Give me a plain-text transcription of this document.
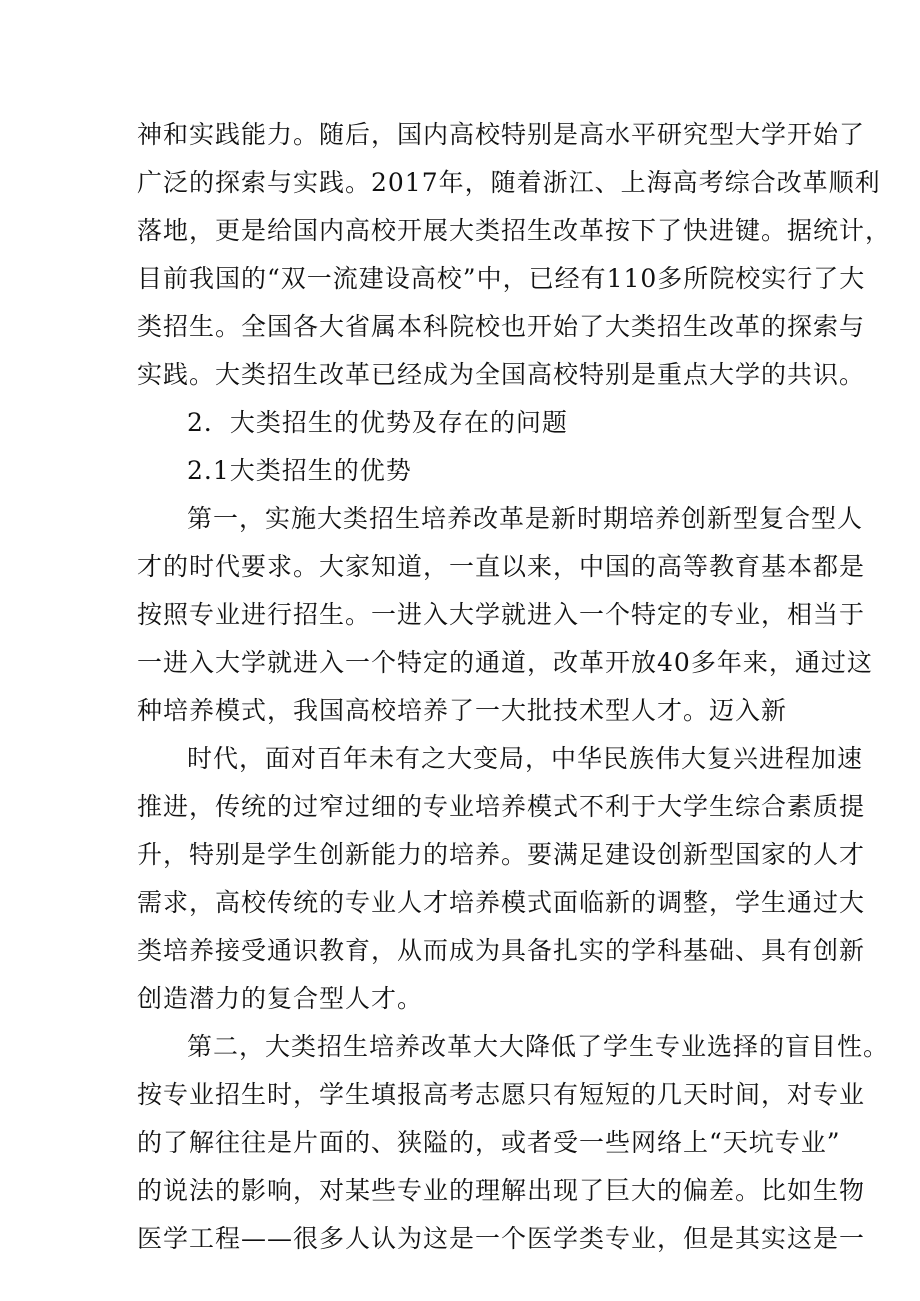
神和实践能力。随后，国内高校特别是高水平研究型大学开始了
广泛的探索与实践。2017年，随着浙江、上海高考综合改革顺利
落地，更是给国内高校开展大类招生改革按下了快进键。据统计，
目前我国的“双一流建设高校”中，已经有110多所院校实行了大
类招生。全国各大省属本科院校也开始了大类招生改革的探索与
实践。大类招生改革已经成为全国高校特别是重点大学的共识。
2．大类招生的优势及存在的问题
2.1大类招生的优势
第一，实施大类招生培养改革是新时期培养创新型复合型人
才的时代要求。大家知道，一直以来，中国的高等教育基本都是
按照专业进行招生。一进入大学就进入一个特定的专业，相当于
一进入大学就进入一个特定的通道，改革开放40多年来，通过这
种培养模式，我国高校培养了一大批技术型人才。迈入新
时代，面对百年未有之大变局，中华民族伟大复兴进程加速
推进，传统的过窄过细的专业培养模式不利于大学生综合素质提
升，特别是学生创新能力的培养。要满足建设创新型国家的人才
需求，高校传统的专业人才培养模式面临新的调整，学生通过大
类培养接受通识教育，从而成为具备扎实的学科基础、具有创新
创造潜力的复合型人才。
第二，大类招生培养改革大大降低了学生专业选择的盲目性。
按专业招生时，学生填报高考志愿只有短短的几天时间，对专业
的了解往往是片面的、狭隘的，或者受一些网络上“天坑专业”
的说法的影响，对某些专业的理解出现了巨大的偏差。比如生物
医学工程——很多人认为这是一个医学类专业，但是其实这是一
